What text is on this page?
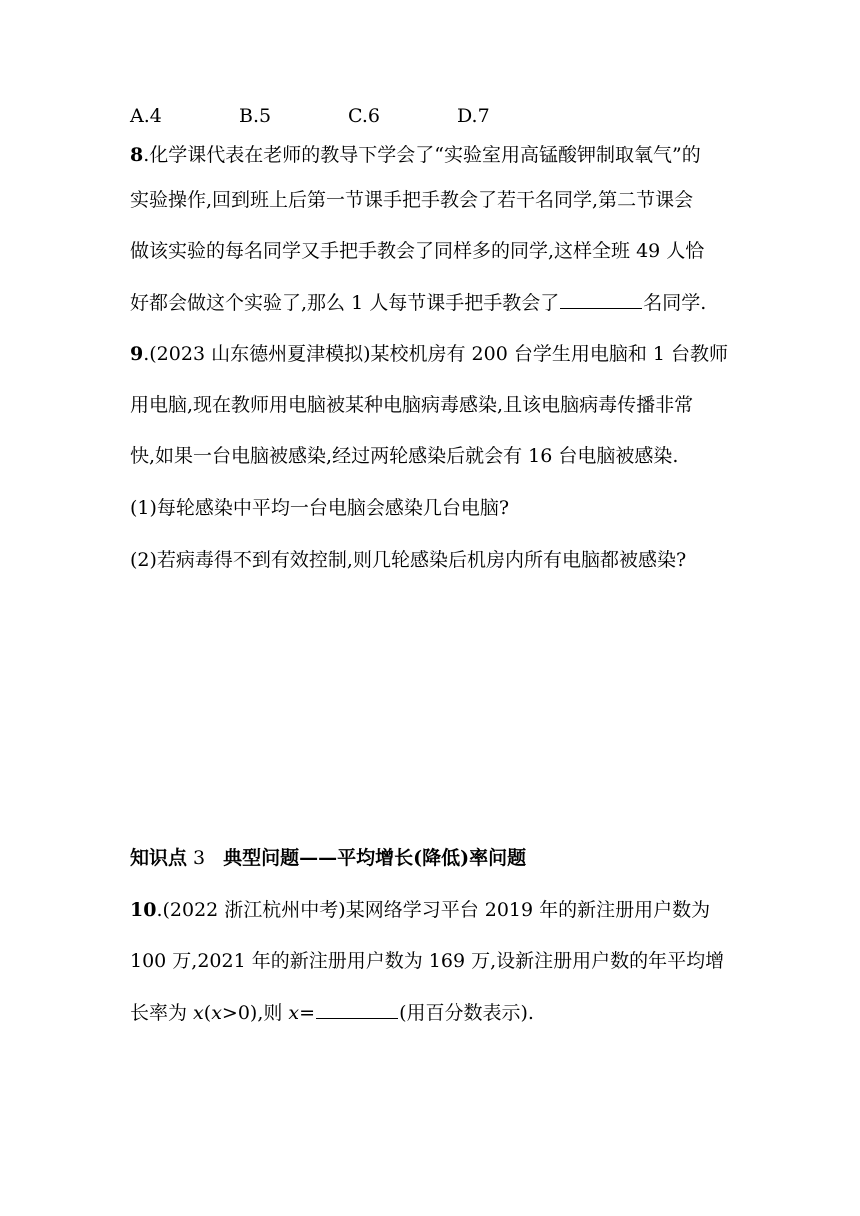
A.4	B.5	C.6	D.7
8.化学课代表在老师的教导下学会了“实验室用高锰酸钾制取氧气”的
实验操作,回到班上后第一节课手把手教会了若干名同学,第二节课会
做该实验的每名同学又手把手教会了同样多的同学,这样全班 49 人恰
好都会做这个实验了,那么 1 人每节课手把手教会了	名同学.
9.(2023 山东德州夏津模拟)某校机房有 200 台学生用电脑和 1 台教师
用电脑,现在教师用电脑被某种电脑病毒感染,且该电脑病毒传播非常
快,如果一台电脑被感染,经过两轮感染后就会有 16 台电脑被感染.
(1)每轮感染中平均一台电脑会感染几台电脑?
(2)若病毒得不到有效控制,则几轮感染后机房内所有电脑都被感染?
知识点 3 典型问题——平均增长(降低)率问题
10.(2022 浙江杭州中考)某网络学习平台 2019 年的新注册用户数为
100 万,2021 年的新注册用户数为 169 万,设新注册用户数的年平均增
长率为 x(x>0),则 x=	(用百分数表示).
